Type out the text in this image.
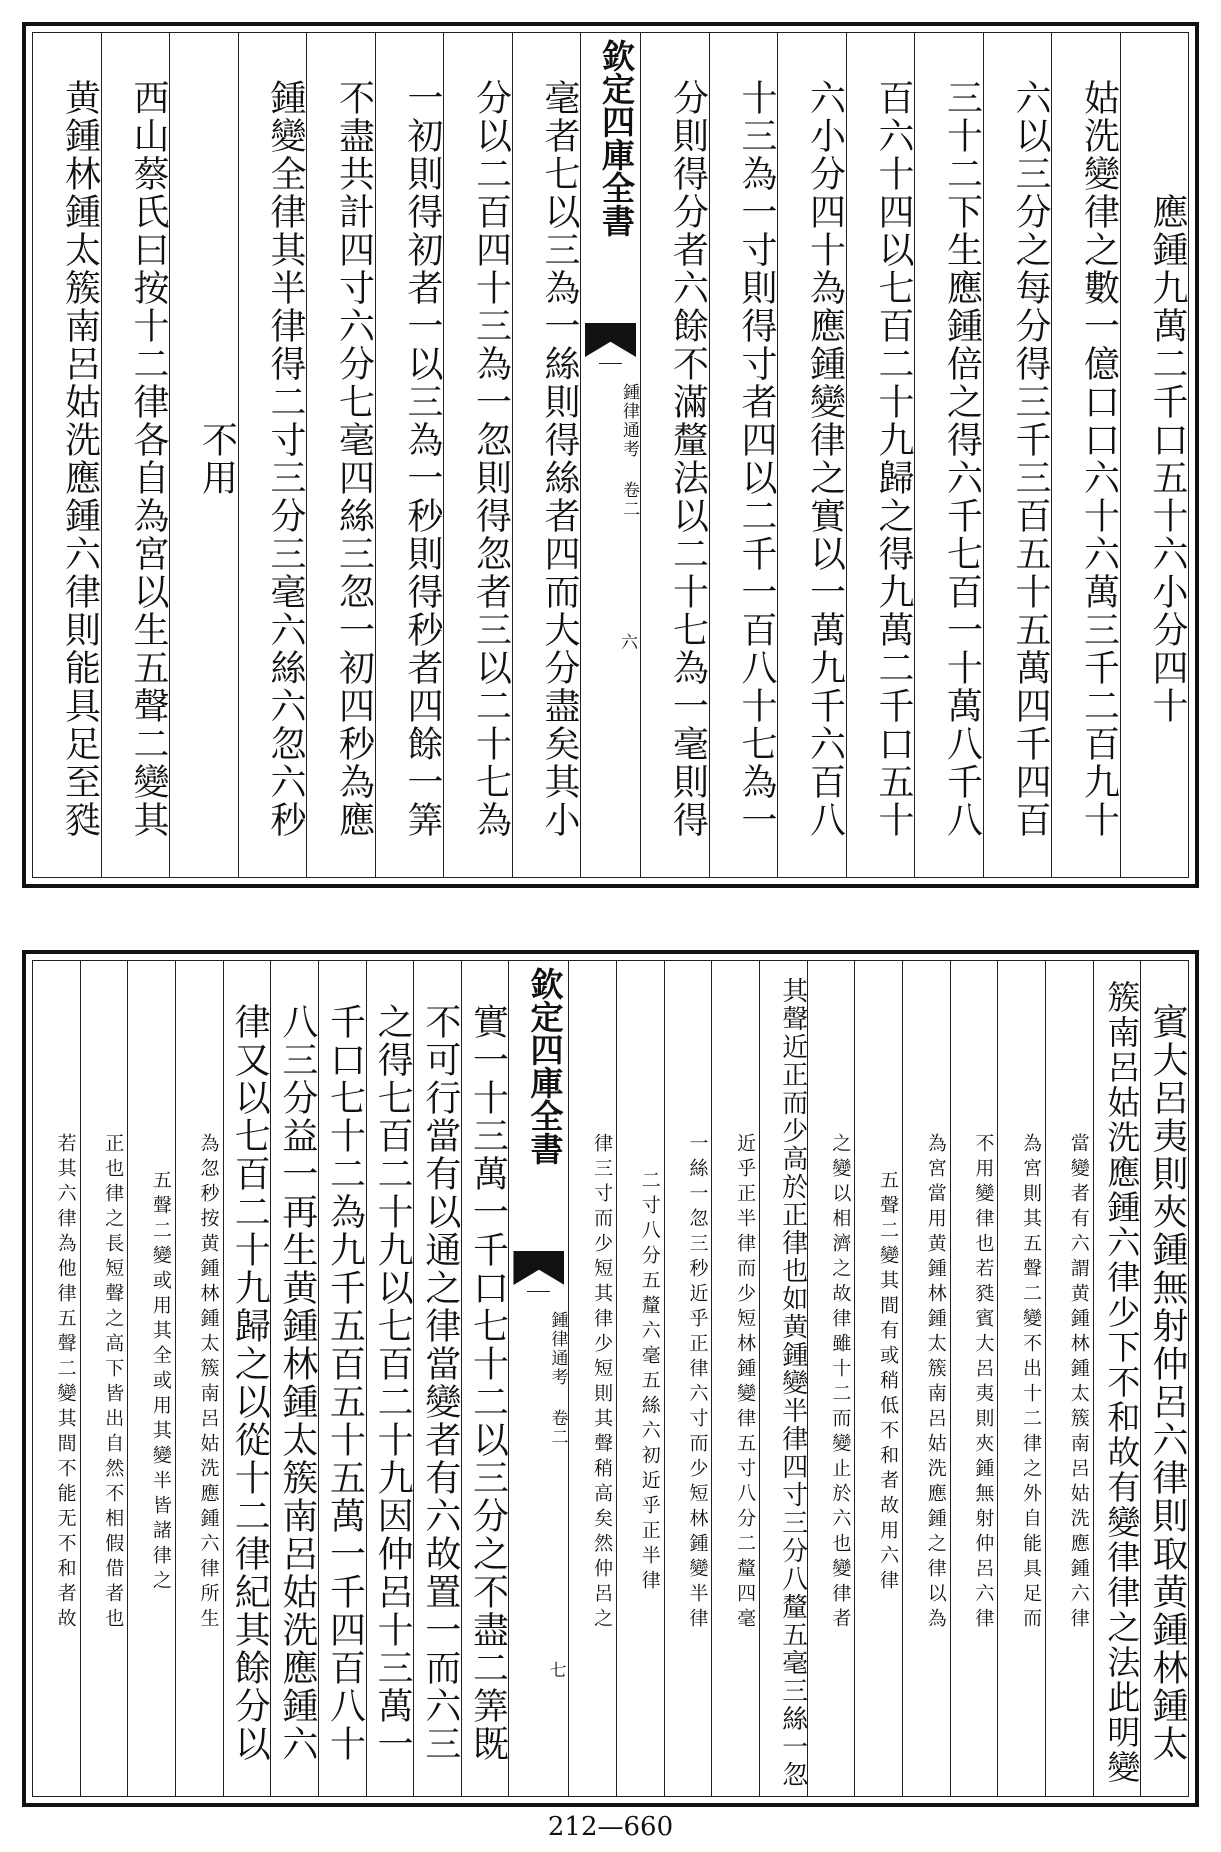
應鍾九萬二千口五十六小分四十
姑洗變律之數一億口口六十六萬三千二百九十
六以三分之每分得三千三百五十五萬四千四百
三十二下生應鍾倍之得六千七百一十萬八千八
百六十四以七百二十九歸之得九萬二千口五十
六小分四十為應鍾變律之實以一萬九千六百八
十三為一寸則得寸者四以二千一百八十七為一
分則得分者六餘不滿釐法以二十七為一毫則得
欽定四庫全書
鍾律通考 卷二
六
毫者七以三為一絲則得絲者四而大分盡矣其小
分以二百四十三為一忽則得忽者三以二十七為
一初則得初者一以三為一秒則得秒者四餘一筭
不盡共計四寸六分七毫四絲三忽一初四秒為應
鍾變全律其半律得二寸三分三毫六絲六忽六秒
不用
西山蔡氏曰按十二律各自為宮以生五聲二變其
黄鍾林鍾太簇南呂姑洗應鍾六律則能具足至甤
賓大呂夷則夾鍾無射仲呂六律則取黄鍾林鍾太
簇南呂姑洗應鍾六律少下不和故有變律律之法此明變
當變者有六謂黄鍾林鍾太簇南呂姑洗應鍾六律
為宮則其五聲二變不出十二律之外自能具足而
不用變律也若甤賓大呂夷則夾鍾無射仲呂六律
為宮當用黄鍾林鍾太簇南呂姑洗應鍾之律以為
五聲二變其間有或稍低不和者故用六律
之變以相濟之故律雖十二而變止於六也變律者
其聲近正而少高於正律也如黄鍾變半律四寸三分八釐五毫三絲一忽
近乎正半律而少短林鍾變律五寸八分二釐四毫
一絲一忽三秒近乎正律六寸而少短林鍾變半律
二寸八分五釐六毫五絲六初近乎正半律
律三寸而少短其律少短則其聲稍高矣然仲呂之
欽定四庫全書
鍾律通考 卷二
七
實一十三萬一千口七十二以三分之不盡二筭既
不可行當有以通之律當變者有六故置一而六三
之得七百二十九以七百二十九因仲呂十三萬一
千口七十二為九千五百五十五萬一千四百八十
八三分益一再生黄鍾林鍾太簇南呂姑洗應鍾六
律又以七百二十九歸之以從十二律紀其餘分以
為忽秒按黄鍾林鍾太簇南呂姑洗應鍾六律所生
五聲二變或用其全或用其變半皆諸律之
正也律之長短聲之高下皆出自然不相假借者也
若其六律為他律五聲二變其間不能无不和者故
212—660
